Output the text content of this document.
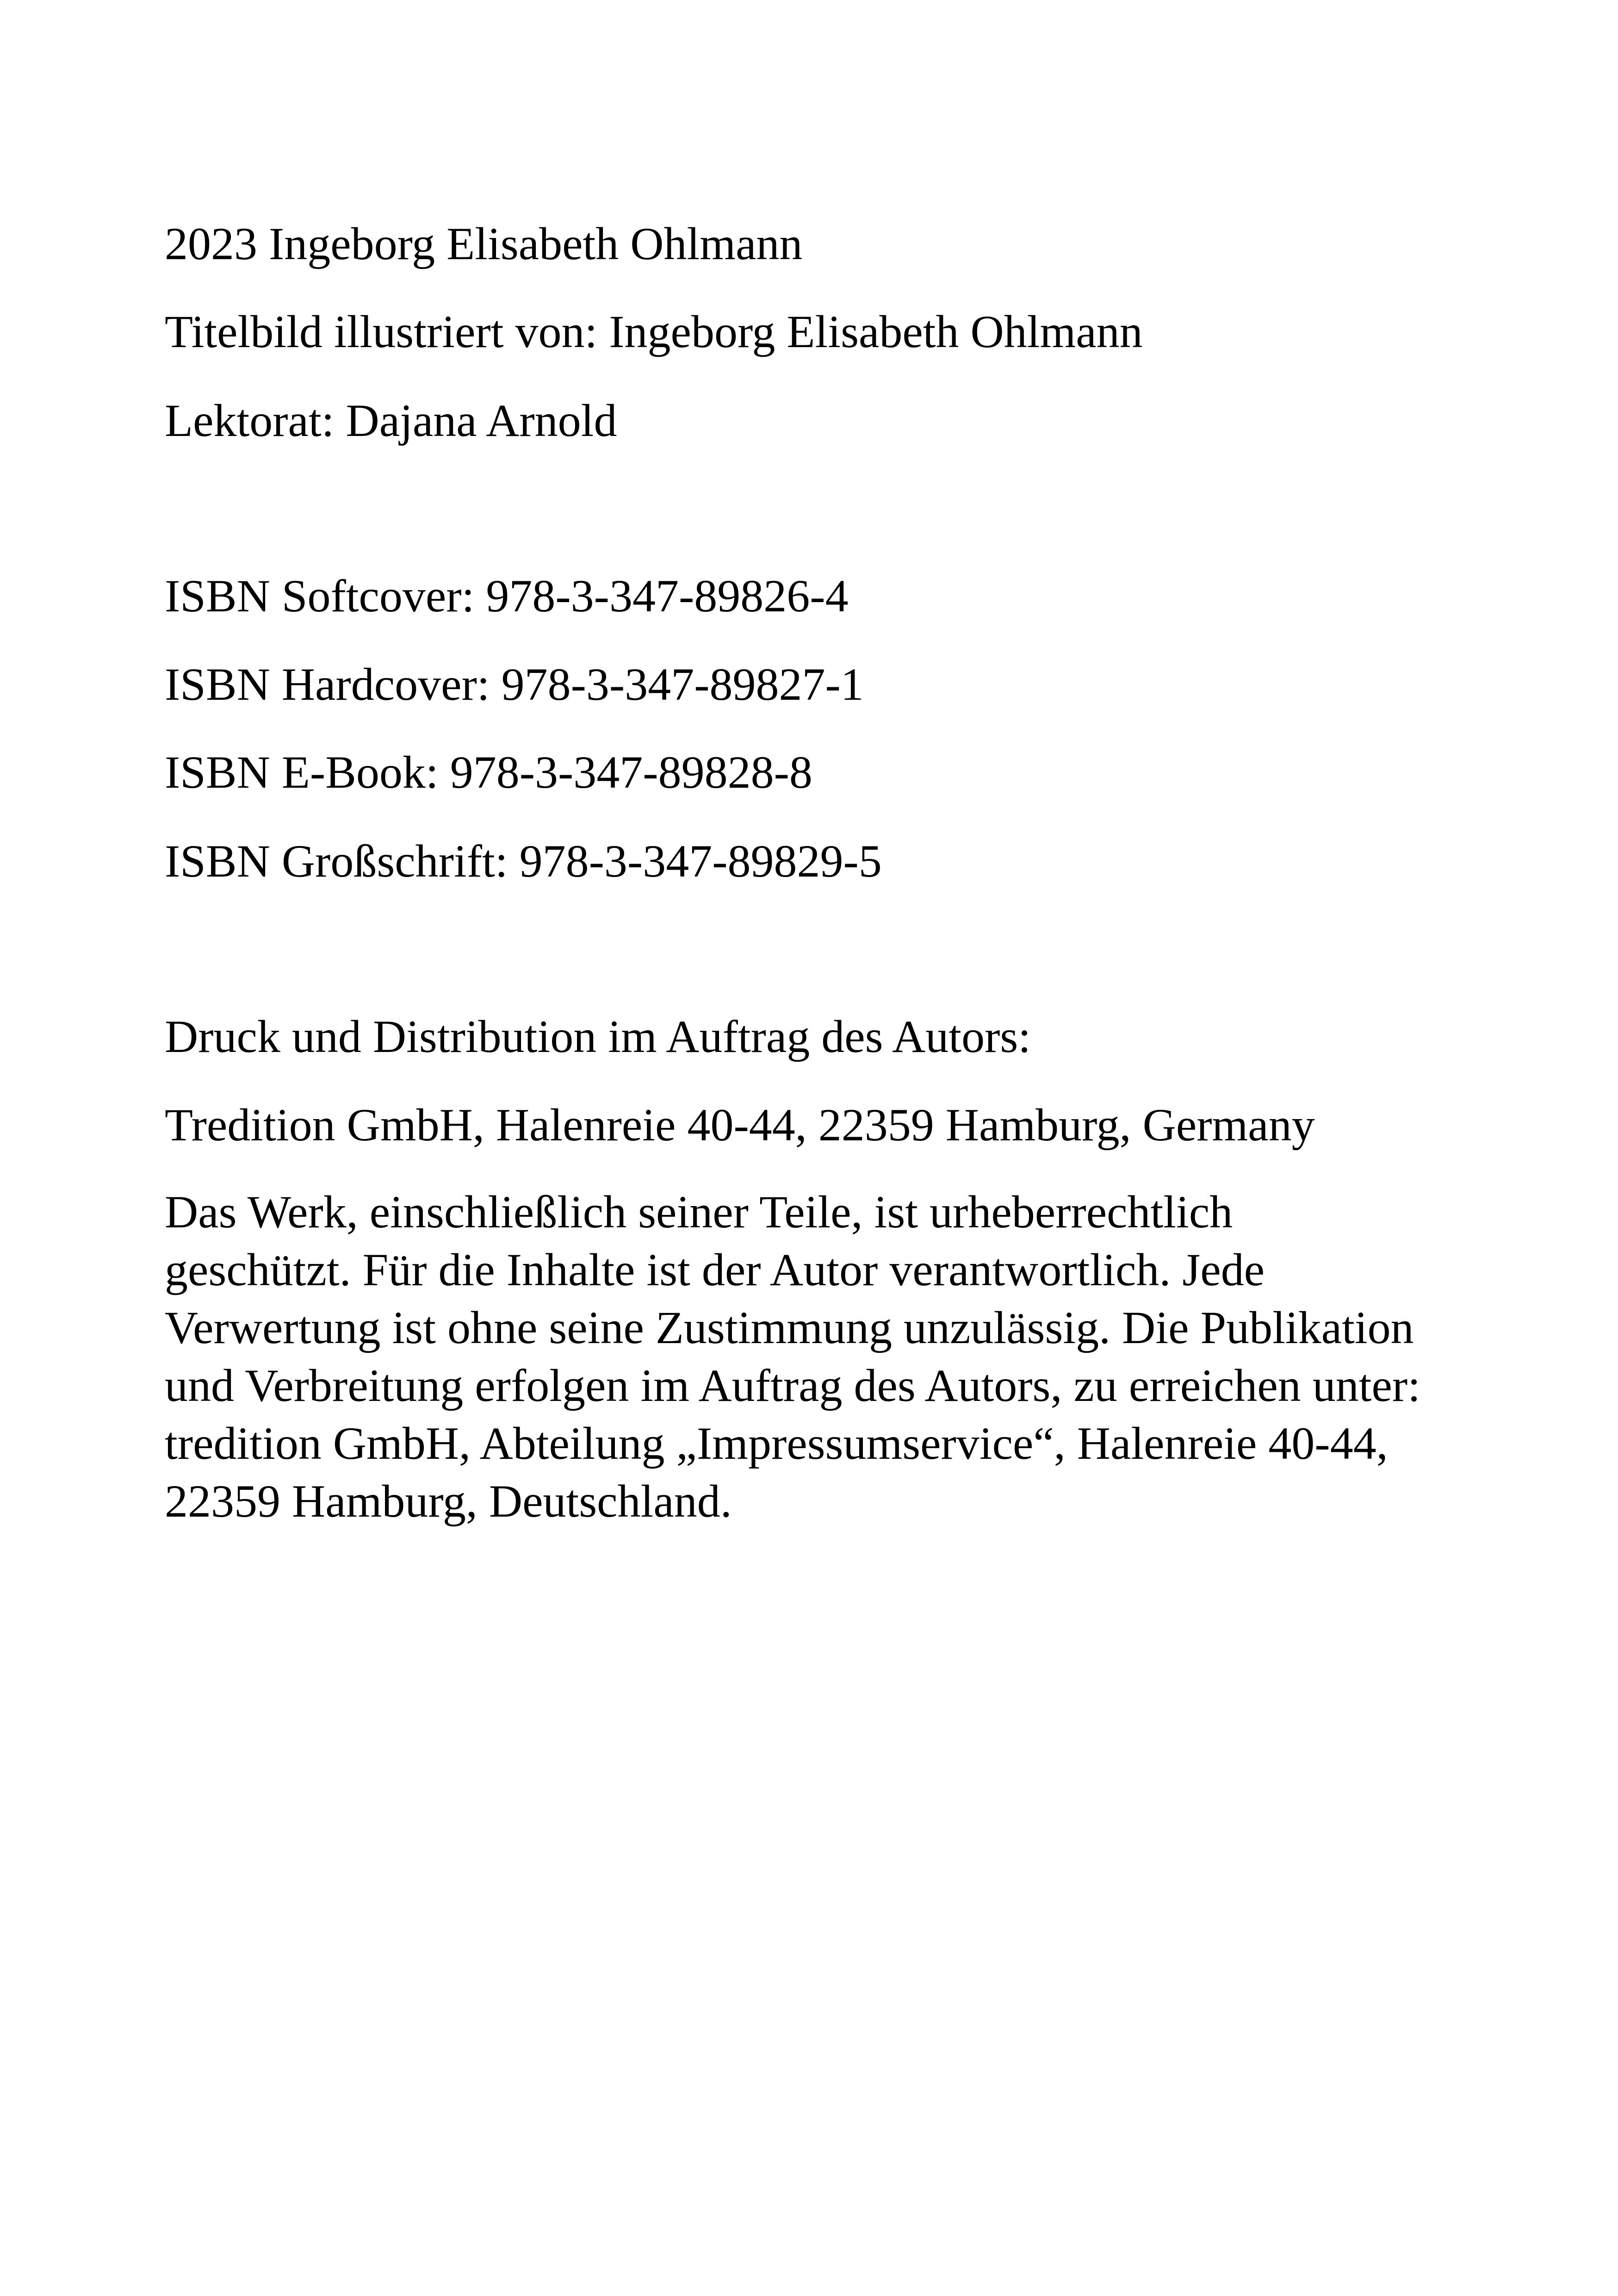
2023 Ingeborg Elisabeth Ohlmann

Titelbild illustriert von: Ingeborg Elisabeth Ohlmann

Lektorat: Dajana Arnold

ISBN Softcover: 978-3-347-89826-4

ISBN Hardcover: 978-3-347-89827-1

ISBN E-Book: 978-3-347-89828-8

ISBN Großschrift: 978-3-347-89829-5

Druck und Distribution im Auftrag des Autors:

Tredition GmbH, Halenreie 40-44, 22359 Hamburg, Germany

Das Werk, einschließlich seiner Teile, ist urheberrechtlich
geschützt. Für die Inhalte ist der Autor verantwortlich. Jede
Verwertung ist ohne seine Zustimmung unzulässig. Die Publikation
und Verbreitung erfolgen im Auftrag des Autors, zu erreichen unter:
tredition GmbH, Abteilung „Impressumservice“, Halenreie 40-44,
22359 Hamburg, Deutschland.
